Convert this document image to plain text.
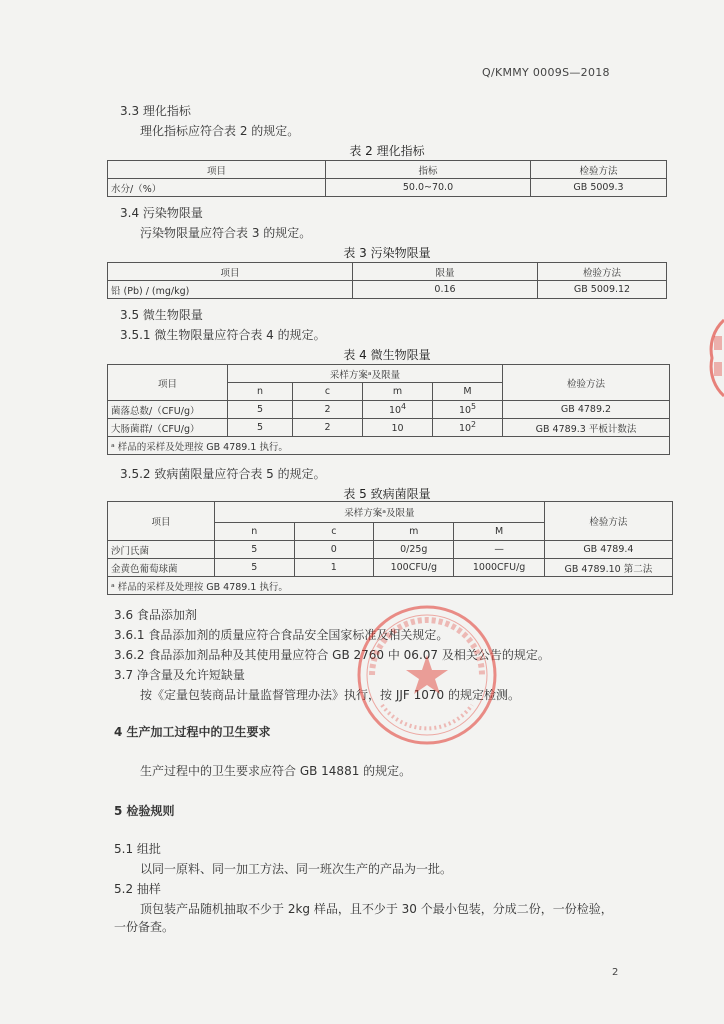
Q/KMMY 0009S—2018
3.3 理化指标
理化指标应符合表 2 的规定。
表 2 理化指标
项目	指标	检验方法
水分/（%）	50.0~70.0	GB 5009.3
3.4 污染物限量
污染物限量应符合表 3 的规定。
表 3 污染物限量
项目	限量	检验方法
铅 (Pb) / (mg/kg)	0.16	GB 5009.12
3.5 微生物限量
3.5.1 微生物限量应符合表 4 的规定。
表 4 微生物限量
项目	采样方案ᵃ及限量				检验方法
	n	c	m	M	
菌落总数/（CFU/g）	5	2	$10^4$	$10^5$	GB 4789.2
大肠菌群/（CFU/g）	5	2	10	$10^2$	GB 4789.3 平板计数法
ᵃ 样品的采样及处理按 GB 4789.1 执行。					
3.5.2 致病菌限量应符合表 5 的规定。
表 5 致病菌限量
项目	采样方案ᵃ及限量				检验方法
	n	c	m	M	
沙门氏菌	5	0	0/25g	—	GB 4789.4
金黄色葡萄球菌	5	1	100CFU/g	1000CFU/g	GB 4789.10 第二法
ᵃ 样品的采样及处理按 GB 4789.1 执行。					
3.6 食品添加剂
3.6.1 食品添加剂的质量应符合食品安全国家标准及相关规定。
3.6.2 食品添加剂品种及其使用量应符合 GB 2760 中 06.07 及相关公告的规定。
3.7 净含量及允许短缺量
按《定量包装商品计量监督管理办法》执行，按 JJF 1070 的规定检测。
4 生产加工过程中的卫生要求
生产过程中的卫生要求应符合 GB 14881 的规定。
5 检验规则
5.1 组批
以同一原料、同一加工方法、同一班次生产的产品为一批。
5.2 抽样
顶包装产品随机抽取不少于 2kg 样品，且不少于 30 个最小包装，分成二份，一份检验，
一份备查。
2
